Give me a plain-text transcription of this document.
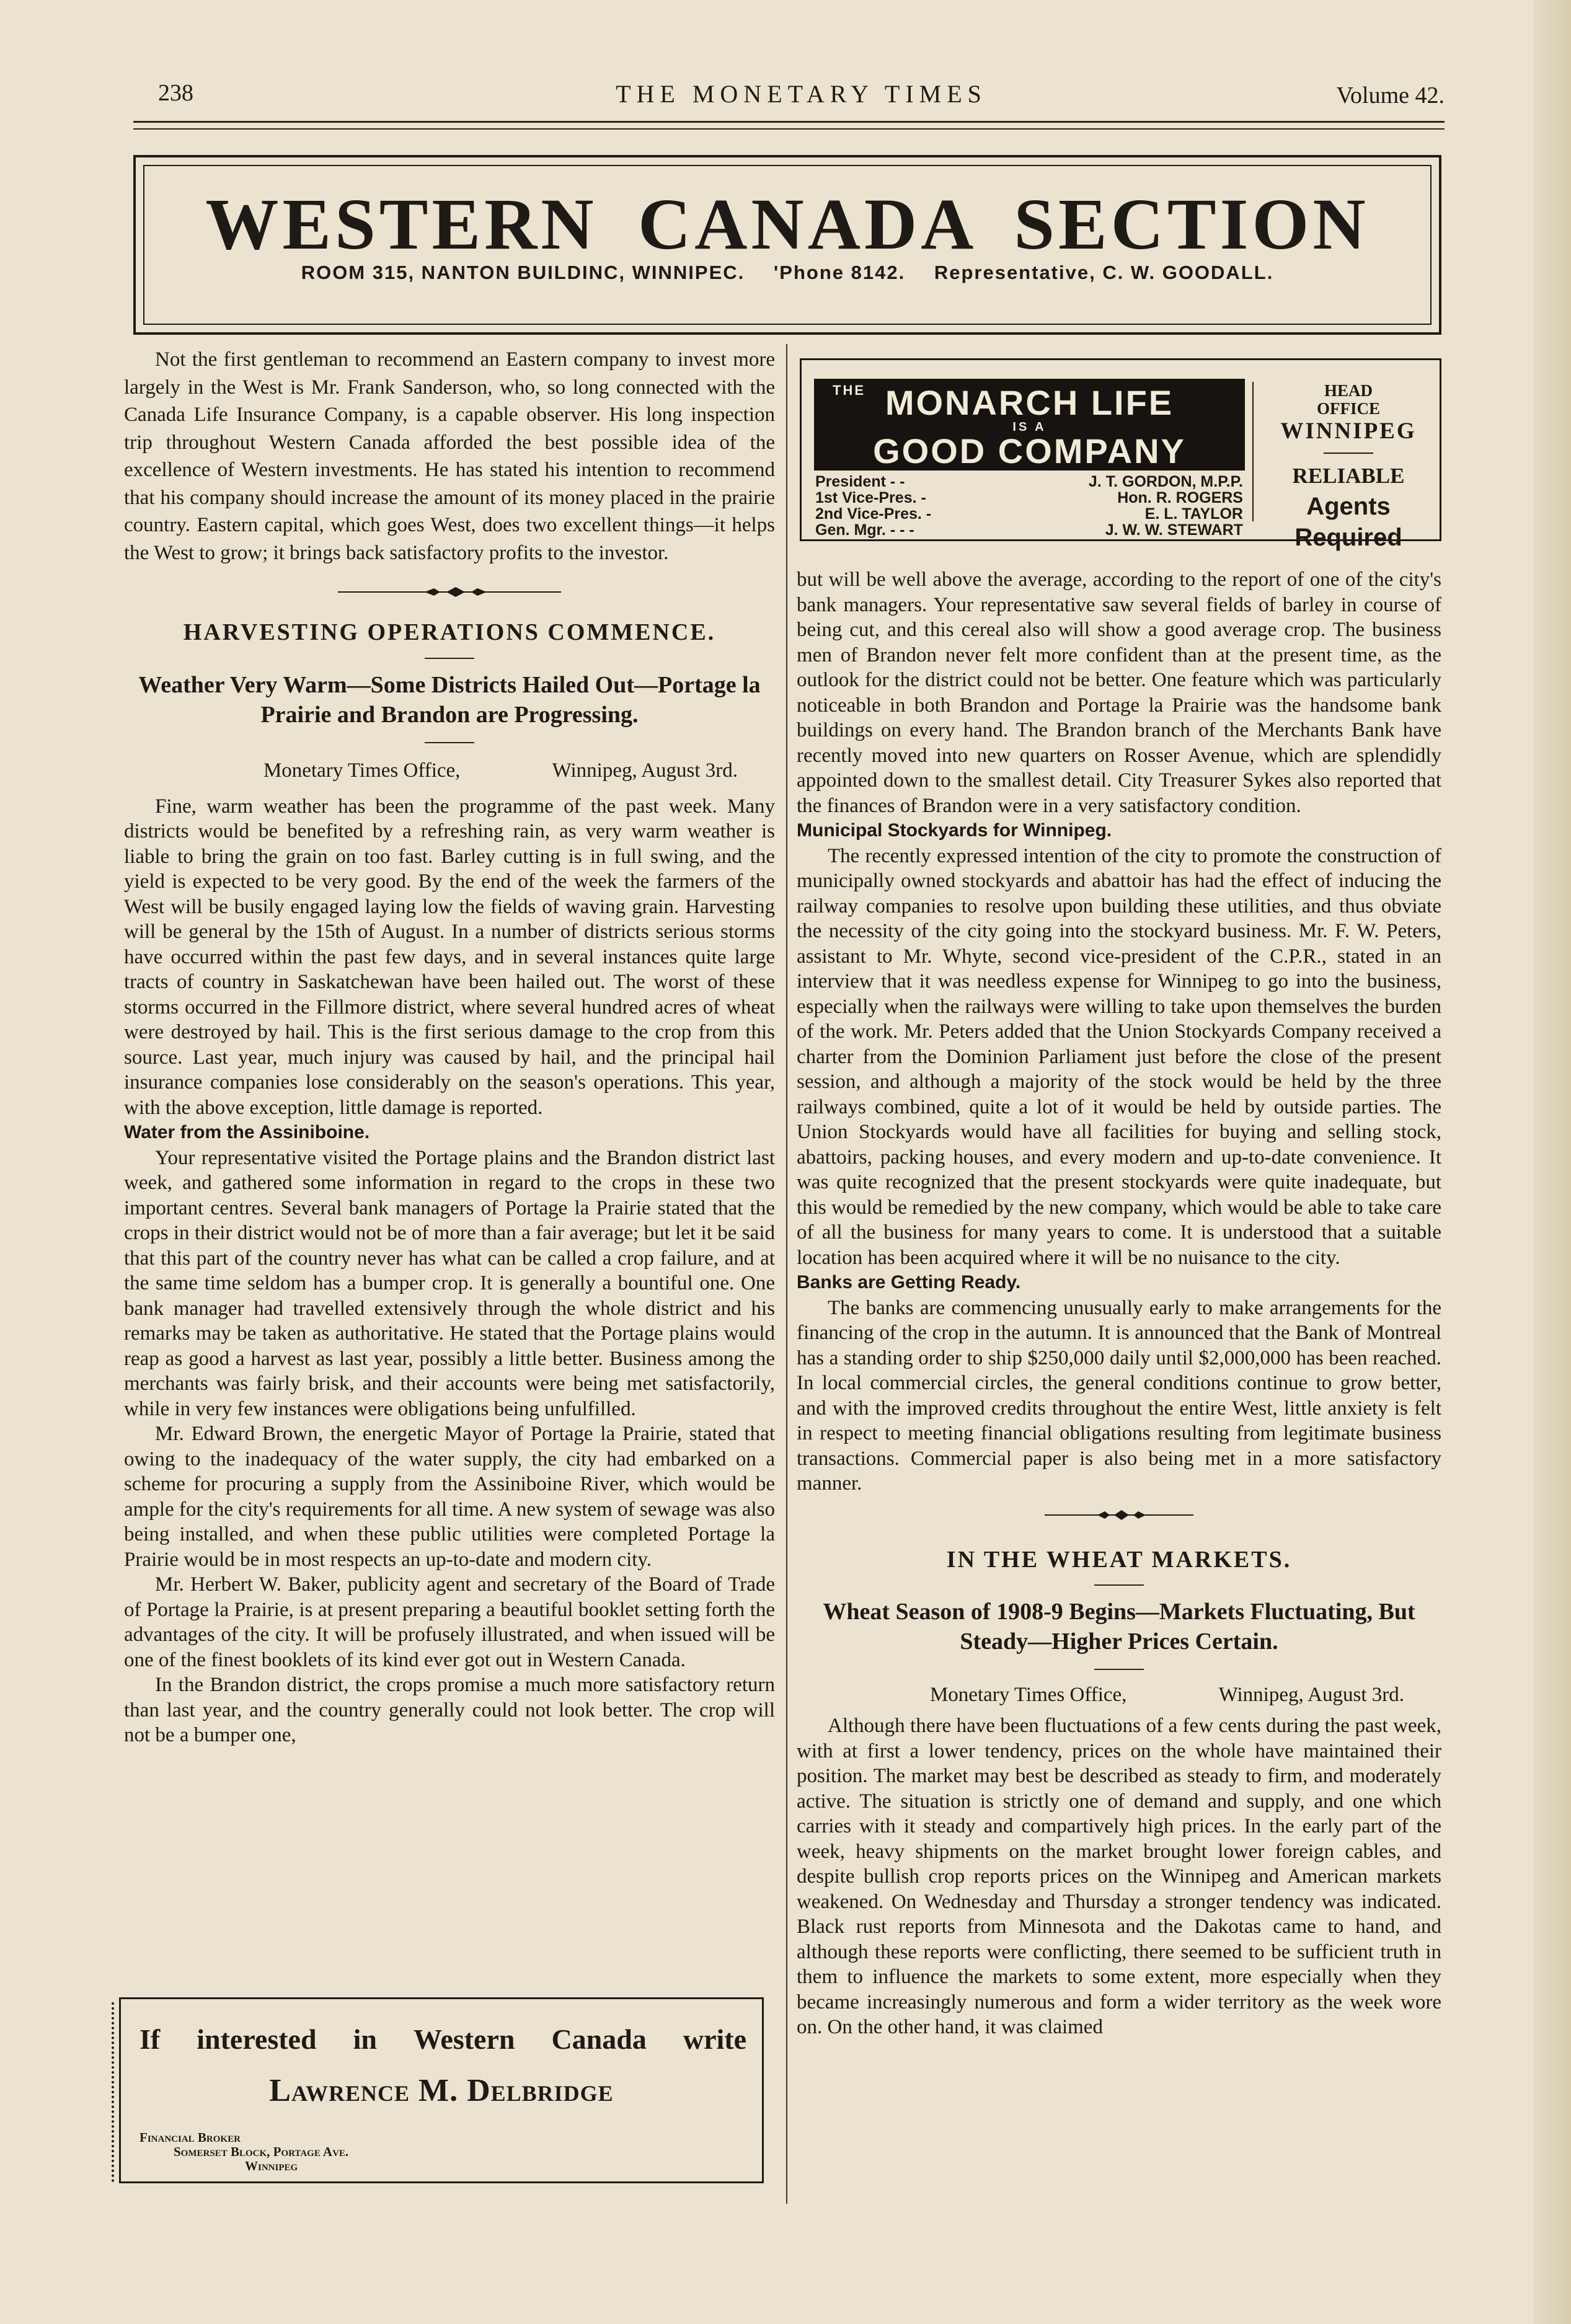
238	THE MONETARY TIMES	Volume 42.
WESTERN CANADA SECTION
ROOM 315, NANTON BUILDINC, WINNIPEC. 'Phone 8142. Representative, C. W. GOODALL.

Not the first gentleman to recommend an Eastern company to invest more largely in the West is Mr. Frank Sanderson, who, so long connected with the Canada Life Insurance Company, is a capable observer. His long inspection trip throughout Western Canada afforded the best possible idea of the excellence of Western investments. He has stated his intention to recommend that his company should increase the amount of its money placed in the prairie country. Eastern capital, which goes West, does two excellent things—it helps the West to grow; it brings back satisfactory profits to the investor.

HARVESTING OPERATIONS COMMENCE.
Weather Very Warm—Some Districts Hailed Out—Portage la Prairie and Brandon are Progressing.
Monetary Times Office,	Winnipeg, August 3rd.

Fine, warm weather has been the programme of the past week. Many districts would be benefited by a refreshing rain, as very warm weather is liable to bring the grain on too fast. Barley cutting is in full swing, and the yield is expected to be very good. By the end of the week the farmers of the West will be busily engaged laying low the fields of waving grain. Harvesting will be general by the 15th of August. In a number of districts serious storms have occurred within the past few days, and in several instances quite large tracts of country in Saskatchewan have been hailed out. The worst of these storms occurred in the Fillmore district, where several hundred acres of wheat were destroyed by hail. This is the first serious damage to the crop from this source. Last year, much injury was caused by hail, and the principal hail insurance companies lose considerably on the season's operations. This year, with the above exception, little damage is reported.

Water from the Assiniboine.

Your representative visited the Portage plains and the Brandon district last week, and gathered some information in regard to the crops in these two important centres. Several bank managers of Portage la Prairie stated that the crops in their district would not be of more than a fair average; but let it be said that this part of the country never has what can be called a crop failure, and at the same time seldom has a bumper crop. It is generally a bountiful one. One bank manager had travelled extensively through the whole district and his remarks may be taken as authoritative. He stated that the Portage plains would reap as good a harvest as last year, possibly a little better. Business among the merchants was fairly brisk, and their accounts were being met satisfactorily, while in very few instances were obligations being unfulfilled.

Mr. Edward Brown, the energetic Mayor of Portage la Prairie, stated that owing to the inadequacy of the water supply, the city had embarked on a scheme for procuring a supply from the Assiniboine River, which would be ample for the city's requirements for all time. A new system of sewage was also being installed, and when these public utilities were completed Portage la Prairie would be in most respects an up-to-date and modern city.

Mr. Herbert W. Baker, publicity agent and secretary of the Board of Trade of Portage la Prairie, is at present preparing a beautiful booklet setting forth the advantages of the city. It will be profusely illustrated, and when issued will be one of the finest booklets of its kind ever got out in Western Canada.

In the Brandon district, the crops promise a much more satisfactory return than last year, and the country generally could not look better. The crop will not be a bumper one,

If interested in Western Canada write
Lawrence M. Delbridge
Financial Broker
Somerset Block, Portage Ave.
Winnipeg
THE MONARCH LIFE
IS A
GOOD COMPANY
President - -	J. T. GORDON, M.P.P.
1st Vice-Pres. -	Hon. R. ROGERS
2nd Vice-Pres. -	E. L. TAYLOR
Gen. Mgr. - - -	J. W. W. STEWART
HEAD
OFFICE
WINNIPEG
RELIABLE
Agents Required

but will be well above the average, according to the report of one of the city's bank managers. Your representative saw several fields of barley in course of being cut, and this cereal also will show a good average crop. The business men of Brandon never felt more confident than at the present time, as the outlook for the district could not be better. One feature which was particularly noticeable in both Brandon and Portage la Prairie was the handsome bank buildings on every hand. The Brandon branch of the Merchants Bank have recently moved into new quarters on Rosser Avenue, which are splendidly appointed down to the smallest detail. City Treasurer Sykes also reported that the finances of Brandon were in a very satisfactory condition.

Municipal Stockyards for Winnipeg.

The recently expressed intention of the city to promote the construction of municipally owned stockyards and abattoir has had the effect of inducing the railway companies to resolve upon building these utilities, and thus obviate the necessity of the city going into the stockyard business. Mr. F. W. Peters, assistant to Mr. Whyte, second vice-president of the C.P.R., stated in an interview that it was needless expense for Winnipeg to go into the business, especially when the railways were willing to take upon themselves the burden of the work. Mr. Peters added that the Union Stockyards Company received a charter from the Dominion Parliament just before the close of the present session, and although a majority of the stock would be held by the three railways combined, quite a lot of it would be held by outside parties. The Union Stockyards would have all facilities for buying and selling stock, abattoirs, packing houses, and every modern and up-to-date convenience. It was quite recognized that the present stockyards were quite inadequate, but this would be remedied by the new company, which would be able to take care of all the business for many years to come. It is understood that a suitable location has been acquired where it will be no nuisance to the city.

Banks are Getting Ready.

The banks are commencing unusually early to make arrangements for the financing of the crop in the autumn. It is announced that the Bank of Montreal has a standing order to ship $250,000 daily until $2,000,000 has been reached. In local commercial circles, the general conditions continue to grow better, and with the improved credits throughout the entire West, little anxiety is felt in respect to meeting financial obligations resulting from legitimate business transactions. Commercial paper is also being met in a more satisfactory manner.

IN THE WHEAT MARKETS.
Wheat Season of 1908-9 Begins—Markets Fluctuating, But Steady—Higher Prices Certain.
Monetary Times Office,	Winnipeg, August 3rd.

Although there have been fluctuations of a few cents during the past week, with at first a lower tendency, prices on the whole have maintained their position. The market may best be described as steady to firm, and moderately active. The situation is strictly one of demand and supply, and one which carries with it steady and compartively high prices. In the early part of the week, heavy shipments on the market brought lower foreign cables, and despite bullish crop reports prices on the Winnipeg and American markets weakened. On Wednesday and Thursday a stronger tendency was indicated. Black rust reports from Minnesota and the Dakotas came to hand, and although these reports were conflicting, there seemed to be sufficient truth in them to influence the markets to some extent, more especially when they became increasingly numerous and form a wider territory as the week wore on. On the other hand, it was claimed
